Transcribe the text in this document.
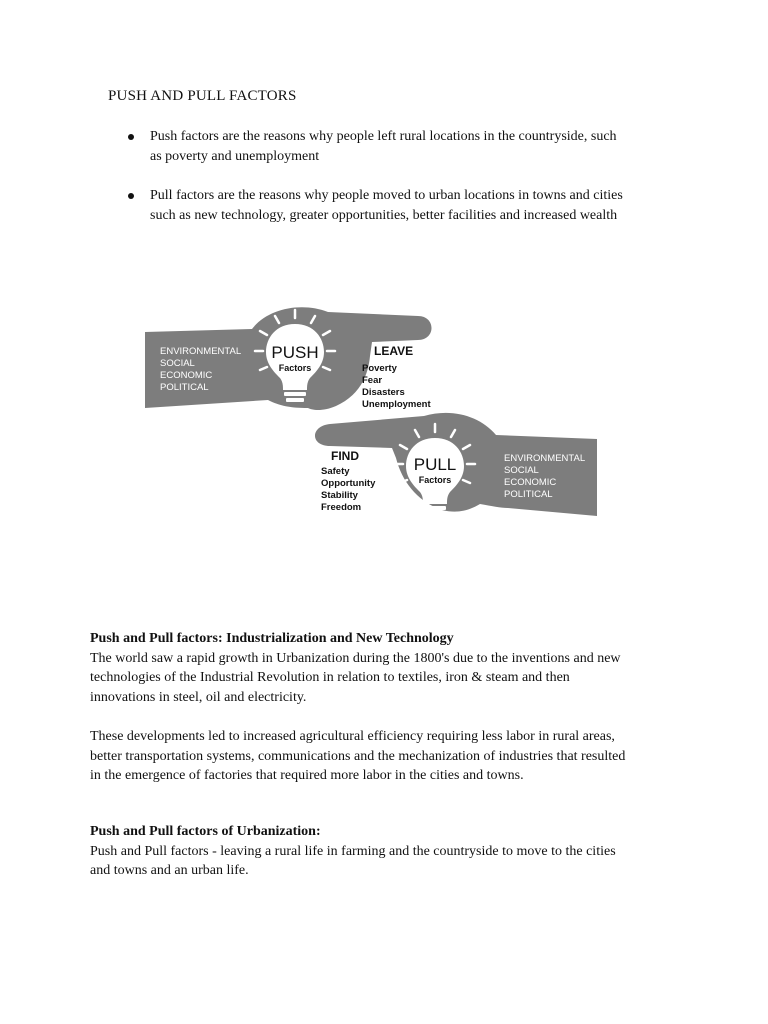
PUSH AND PULL FACTORS
Push factors are the reasons why people left rural locations in the countryside, such as poverty and unemployment
Pull factors are the reasons why people moved to urban locations in towns and cities such as new technology, greater opportunities, better facilities and increased wealth
PUSH
Factors
ENVIRONMENTAL
SOCIAL
ECONOMIC
POLITICAL
LEAVE
Poverty
Fear
Disasters
Unemployment
PULL
Factors
ENVIRONMENTAL
SOCIAL
ECONOMIC
POLITICAL
FIND
Safety
Opportunity
Stability
Freedom
Push and Pull factors: Industrialization and New Technology

The world saw a rapid growth in Urbanization during the 1800's due to the inventions and new technologies of the Industrial Revolution in relation to textiles, iron & steam and then innovations in steel, oil and electricity.

These developments led to increased agricultural efficiency requiring less labor in rural areas, better transportation systems, communications and the mechanization of industries that resulted in the emergence of factories that required more labor in the cities and towns.

Push and Pull factors of Urbanization:

Push and Pull factors - leaving a rural life in farming and the countryside to move to the cities and towns and an urban life.
